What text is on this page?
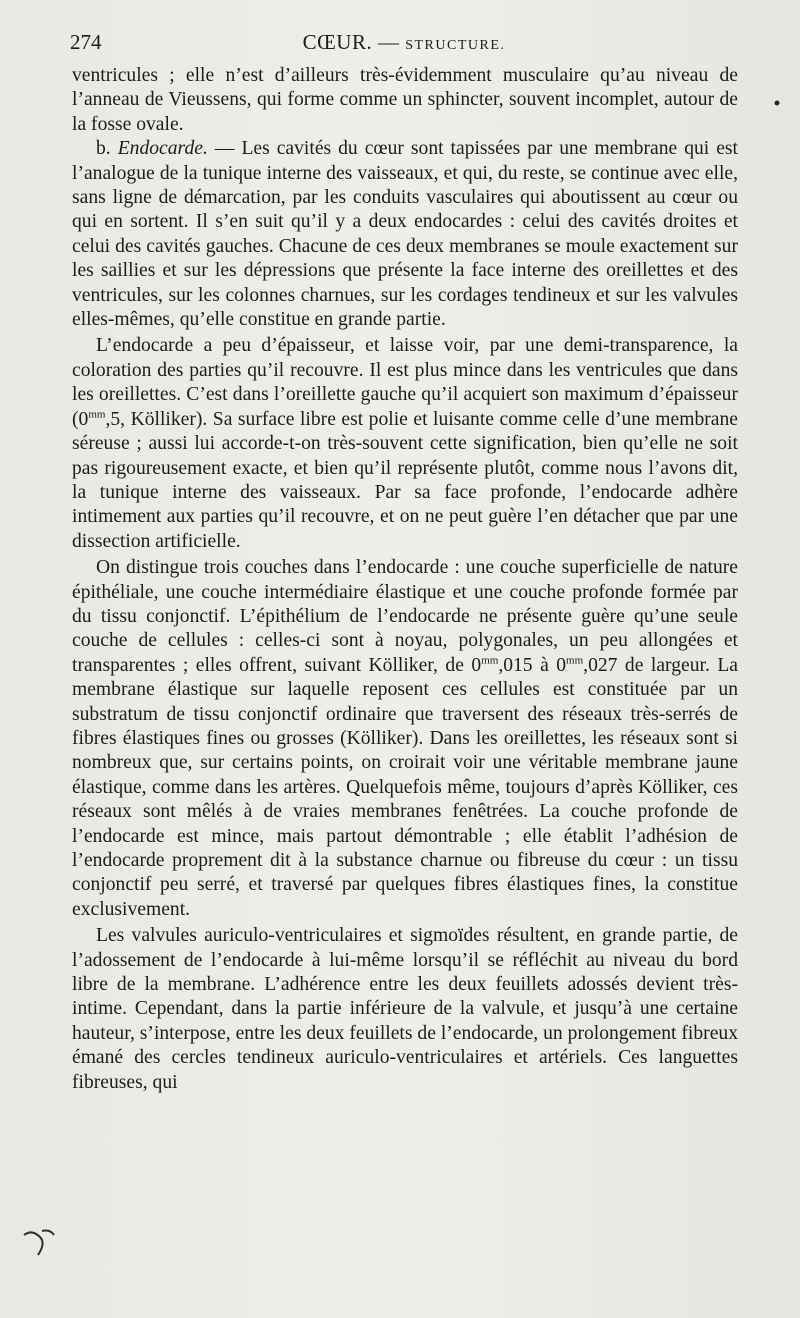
274	CŒUR. — STRUCTURE.

ventricules ; elle n’est d’ailleurs très-évidemment musculaire qu’au niveau de l’anneau de Vieussens, qui forme comme un sphincter, souvent incomplet, autour de la fosse ovale.

b. Endocarde. — Les cavités du cœur sont tapissées par une membrane qui est l’analogue de la tunique interne des vaisseaux, et qui, du reste, se continue avec elle, sans ligne de démarcation, par les conduits vasculaires qui aboutissent au cœur ou qui en sortent. Il s’en suit qu’il y a deux endocardes : celui des cavités droites et celui des cavités gauches. Chacune de ces deux membranes se moule exactement sur les saillies et sur les dépressions que présente la face interne des oreillettes et des ventricules, sur les colonnes charnues, sur les cordages tendineux et sur les valvules elles-mêmes, qu’elle constitue en grande partie.

L’endocarde a peu d’épaisseur, et laisse voir, par une demi-transparence, la coloration des parties qu’il recouvre. Il est plus mince dans les ventricules que dans les oreillettes. C’est dans l’oreillette gauche qu’il acquiert son maximum d’épaisseur ($0^{mm},5$, Kölliker). Sa surface libre est polie et luisante comme celle d’une membrane séreuse ; aussi lui accorde-t-on très-souvent cette signification, bien qu’elle ne soit pas rigoureusement exacte, et bien qu’il représente plutôt, comme nous l’avons dit, la tunique interne des vaisseaux. Par sa face profonde, l’endocarde adhère intimement aux parties qu’il recouvre, et on ne peut guère l’en détacher que par une dissection artificielle.

On distingue trois couches dans l’endocarde : une couche superficielle de nature épithéliale, une couche intermédiaire élastique et une couche profonde formée par du tissu conjonctif. L’épithélium de l’endocarde ne présente guère qu’une seule couche de cellules : celles-ci sont à noyau, polygonales, un peu allongées et transparentes ; elles offrent, suivant Kölliker, de $0^{mm},015$ à $0^{mm},027$ de largeur. La membrane élastique sur laquelle reposent ces cellules est constituée par un substratum de tissu conjonctif ordinaire que traversent des réseaux très-serrés de fibres élastiques fines ou grosses (Kölliker). Dans les oreillettes, les réseaux sont si nombreux que, sur certains points, on croirait voir une véritable membrane jaune élastique, comme dans les artères. Quelquefois même, toujours d’après Kölliker, ces réseaux sont mêlés à de vraies membranes fenêtrées. La couche profonde de l’endocarde est mince, mais partout démontrable ; elle établit l’adhésion de l’endocarde proprement dit à la substance charnue ou fibreuse du cœur : un tissu conjonctif peu serré, et traversé par quelques fibres élastiques fines, la constitue exclusivement.

Les valvules auriculo-ventriculaires et sigmoïdes résultent, en grande partie, de l’adossement de l’endocarde à lui-même lorsqu’il se réfléchit au niveau du bord libre de la membrane. L’adhérence entre les deux feuillets adossés devient très-intime. Cependant, dans la partie inférieure de la valvule, et jusqu’à une certaine hauteur, s’interpose, entre les deux feuillets de l’endocarde, un prolongement fibreux émané des cercles tendineux auriculo-ventriculaires et artériels. Ces languettes fibreuses, qui
